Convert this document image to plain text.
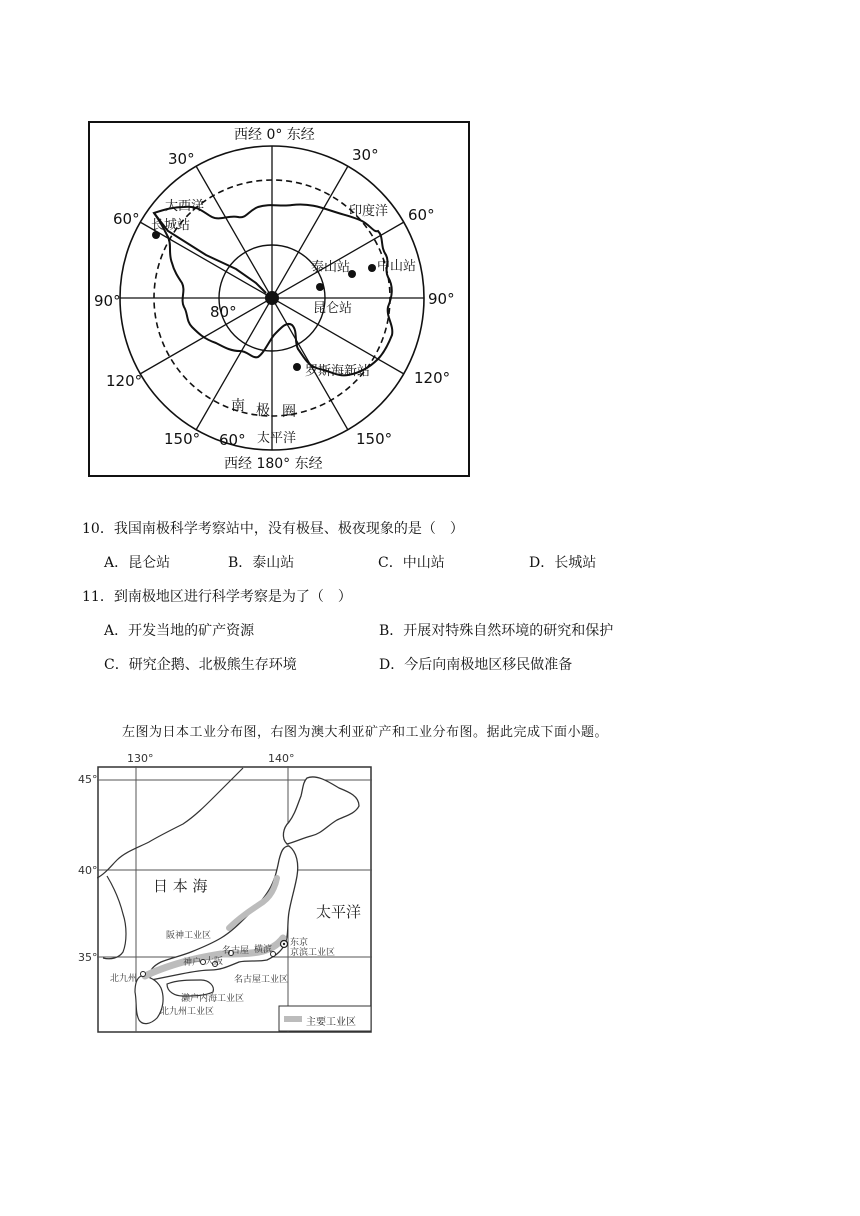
西经 0° 东经
西经 180° 东经
30°	30°
60°	60°
90°	90°
120°	120°
150°	150°
80°
60°
大西洋	印度洋
太平洋
南 极 圈
长城站
泰山站 中山站
昆仑站
罗斯海新站
10．我国南极科学考察站中，没有极昼、极夜现象的是（　）
A．昆仑站	B．泰山站	C．中山站	D．长城站
11．到南极地区进行科学考察是为了（　）
A．开发当地的矿产资源	B．开展对特殊自然环境的研究和保护
C．研究企鹅、北极熊生存环境	D．今后向南极地区移民做准备
左图为日本工业分布图，右图为澳大利亚矿产和工业分布图。据此完成下面小题。
130°	140°
45°
40°
35°
日 本 海
太平洋
阪神工业区
神户 大阪
名古屋 横滨
东京
京滨工业区
名古屋工业区
濑户内海工业区
北九州
北九州工业区
主要工业区
